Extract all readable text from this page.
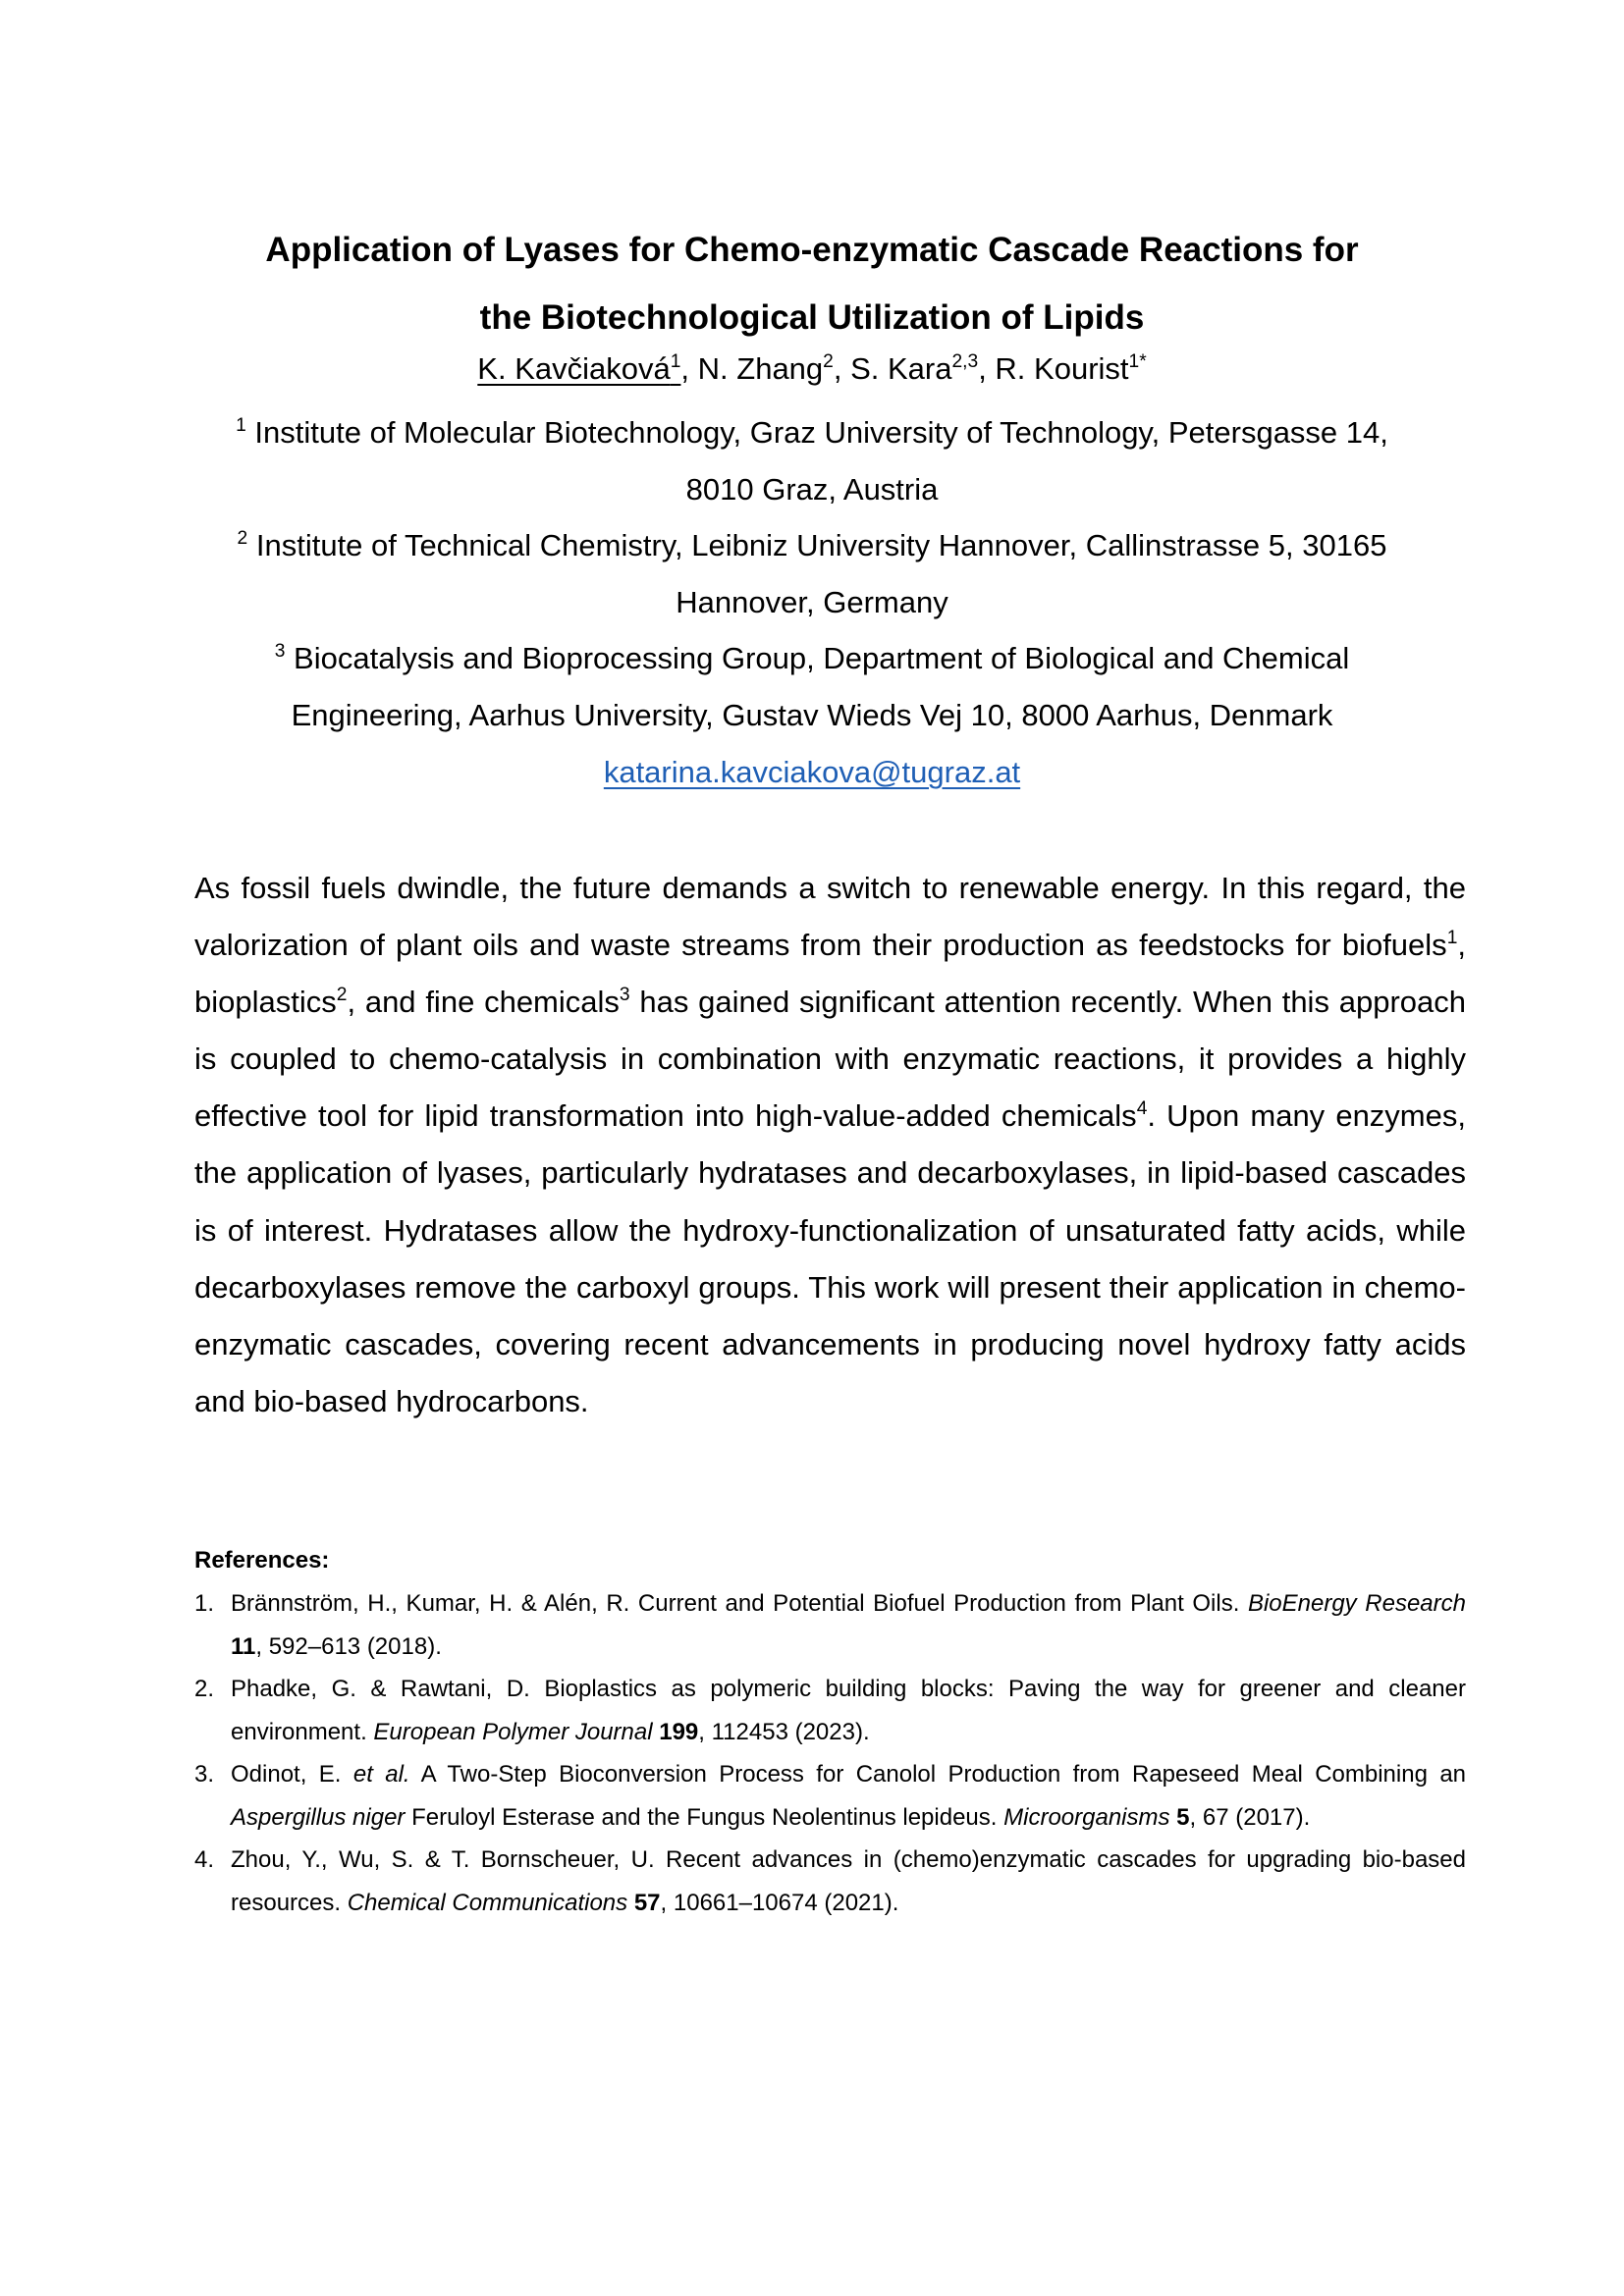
Application of Lyases for Chemo-enzymatic Cascade Reactions for
the Biotechnological Utilization of Lipids
K. Kavčiaková$^1$, N. Zhang$^2$, S. Kara$^{2,3}$, R. Kourist$^{1*}$
$^1$ Institute of Molecular Biotechnology, Graz University of Technology, Petersgasse 14,
8010 Graz, Austria
$^2$ Institute of Technical Chemistry, Leibniz University Hannover, Callinstrasse 5, 30165
Hannover, Germany
$^3$ Biocatalysis and Bioprocessing Group, Department of Biological and Chemical
Engineering, Aarhus University, Gustav Wieds Vej 10, 8000 Aarhus, Denmark
katarina.kavciakova@tugraz.at

As fossil fuels dwindle, the future demands a switch to renewable energy. In this regard, the valorization of plant oils and waste streams from their production as feedstocks for biofuels$^1$, bioplastics$^2$, and fine chemicals$^3$ has gained significant attention recently. When this approach is coupled to chemo-catalysis in combination with enzymatic reactions, it provides a highly effective tool for lipid transformation into high-value-added chemicals$^4$. Upon many enzymes, the application of lyases, particularly hydratases and decarboxylases, in lipid-based cascades is of interest. Hydratases allow the hydroxy-functionalization of unsaturated fatty acids, while decarboxylases remove the carboxyl groups. This work will present their application in chemo-enzymatic cascades, covering recent advancements in producing novel hydroxy fatty acids and bio-based hydrocarbons.

References:
1. Brännström, H., Kumar, H. & Alén, R. Current and Potential Biofuel Production from Plant Oils. BioEnergy Research 11, 592–613 (2018).
2. Phadke, G. & Rawtani, D. Bioplastics as polymeric building blocks: Paving the way for greener and cleaner environment. European Polymer Journal 199, 112453 (2023).
3. Odinot, E. et al. A Two-Step Bioconversion Process for Canolol Production from Rapeseed Meal Combining an Aspergillus niger Feruloyl Esterase and the Fungus Neolentinus lepideus. Microorganisms 5, 67 (2017).
4. Zhou, Y., Wu, S. & T. Bornscheuer, U. Recent advances in (chemo)enzymatic cascades for upgrading bio-based resources. Chemical Communications 57, 10661–10674 (2021).
